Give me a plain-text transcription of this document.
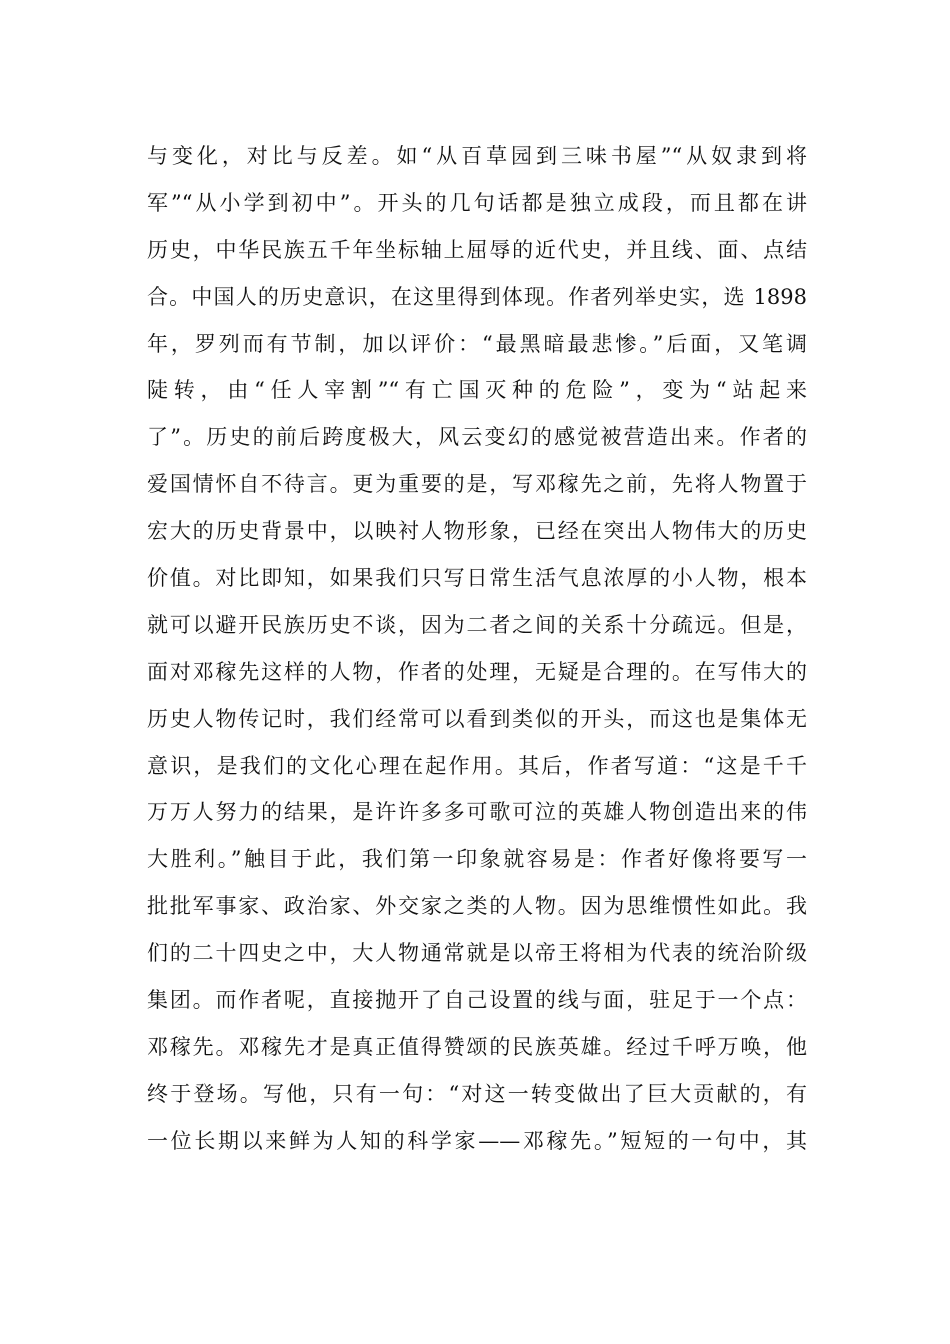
与变化，对比与反差。如“从百草园到三味书屋”“从奴隶到将
军”“从小学到初中”。开头的几句话都是独立成段，而且都在讲
历史，中华民族五千年坐标轴上屈辱的近代史，并且线、面、点结
合。中国人的历史意识，在这里得到体现。作者列举史实，选 1898
年，罗列而有节制，加以评价：“最黑暗最悲惨。”后面，又笔调
陡转，由“任人宰割”“有亡国灭种的危险”，变为“站起来
了”。历史的前后跨度极大，风云变幻的感觉被营造出来。作者的
爱国情怀自不待言。更为重要的是，写邓稼先之前，先将人物置于
宏大的历史背景中，以映衬人物形象，已经在突出人物伟大的历史
价值。对比即知，如果我们只写日常生活气息浓厚的小人物，根本
就可以避开民族历史不谈，因为二者之间的关系十分疏远。但是，
面对邓稼先这样的人物，作者的处理，无疑是合理的。在写伟大的
历史人物传记时，我们经常可以看到类似的开头，而这也是集体无
意识，是我们的文化心理在起作用。其后，作者写道：“这是千千
万万人努力的结果，是许许多多可歌可泣的英雄人物创造出来的伟
大胜利。”触目于此，我们第一印象就容易是：作者好像将要写一
批批军事家、政治家、外交家之类的人物。因为思维惯性如此。我
们的二十四史之中，大人物通常就是以帝王将相为代表的统治阶级
集团。而作者呢，直接抛开了自己设置的线与面，驻足于一个点：
邓稼先。邓稼先才是真正值得赞颂的民族英雄。经过千呼万唤，他
终于登场。写他，只有一句：“对这一转变做出了巨大贡献的，有
一位长期以来鲜为人知的科学家——邓稼先。”短短的一句中，其
